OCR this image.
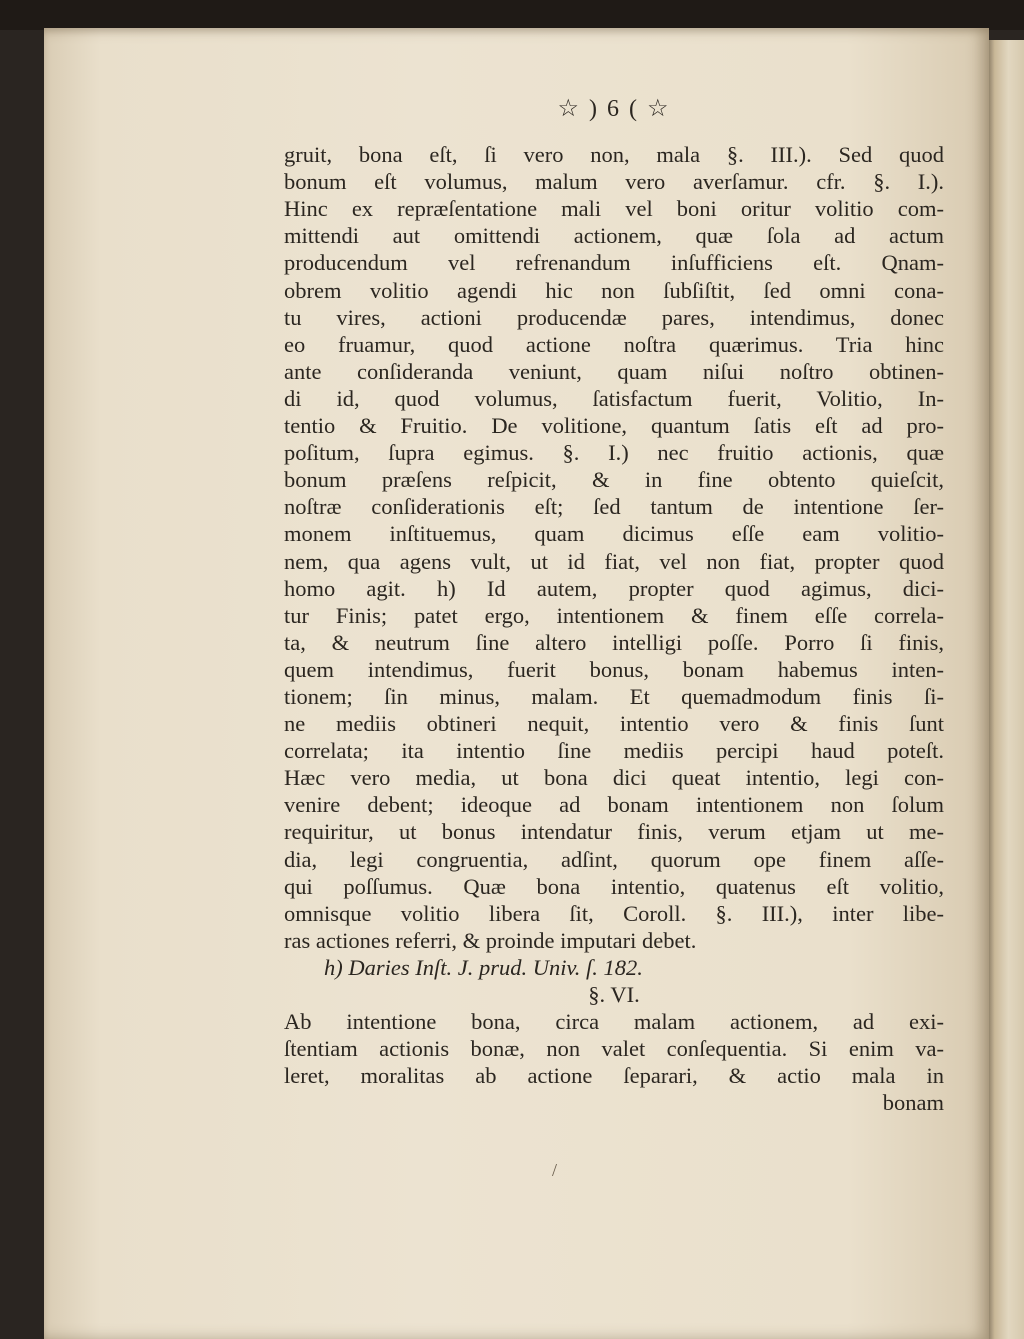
☆ ) 6 ( ☆
gruit, bona eſt, ſi vero non, mala §. III.). Sed quod
bonum eſt volumus, malum vero averſamur. cfr. §. I.).
Hinc ex repræſentatione mali vel boni oritur volitio com-
mittendi aut omittendi actionem, quæ ſola ad actum
producendum vel refrenandum inſufficiens eſt. Qnam-
obrem volitio agendi hic non ſubſiſtit, ſed omni cona-
tu vires, actioni producendæ pares, intendimus, donec
eo fruamur, quod actione noſtra quærimus. Tria hinc
ante conſideranda veniunt, quam niſui noſtro obtinen-
di id, quod volumus, ſatisfactum fuerit, Volitio, In-
tentio & Fruitio. De volitione, quantum ſatis eſt ad pro-
poſitum, ſupra egimus. §. I.) nec fruitio actionis, quæ
bonum præſens reſpicit, & in fine obtento quieſcit,
noſtræ conſiderationis eſt; ſed tantum de intentione ſer-
monem inſtituemus, quam dicimus eſſe eam volitio-
nem, qua agens vult, ut id fiat, vel non fiat, propter quod
homo agit. h) Id autem, propter quod agimus, dici-
tur Finis; patet ergo, intentionem & finem eſſe correla-
ta, & neutrum ſine altero intelligi poſſe. Porro ſi finis,
quem intendimus, fuerit bonus, bonam habemus inten-
tionem; ſin minus, malam. Et quemadmodum finis ſi-
ne mediis obtineri nequit, intentio vero & finis ſunt
correlata; ita intentio ſine mediis percipi haud poteſt.
Hæc vero media, ut bona dici queat intentio, legi con-
venire debent; ideoque ad bonam intentionem non ſolum
requiritur, ut bonus intendatur finis, verum etjam ut me-
dia, legi congruentia, adſint, quorum ope finem aſſe-
qui poſſumus. Quæ bona intentio, quatenus eſt volitio,
omnisque volitio libera ſit, Coroll. §. III.), inter libe-
ras actiones referri, & proinde imputari debet.
h) Daries Inſt. J. prud. Univ. ſ. 182.
§. VI.
Ab intentione bona, circa malam actionem, ad exi-
ſtentiam actionis bonæ, non valet conſequentia. Si enim va-
leret, moralitas ab actione ſeparari, & actio mala in
bonam
/
